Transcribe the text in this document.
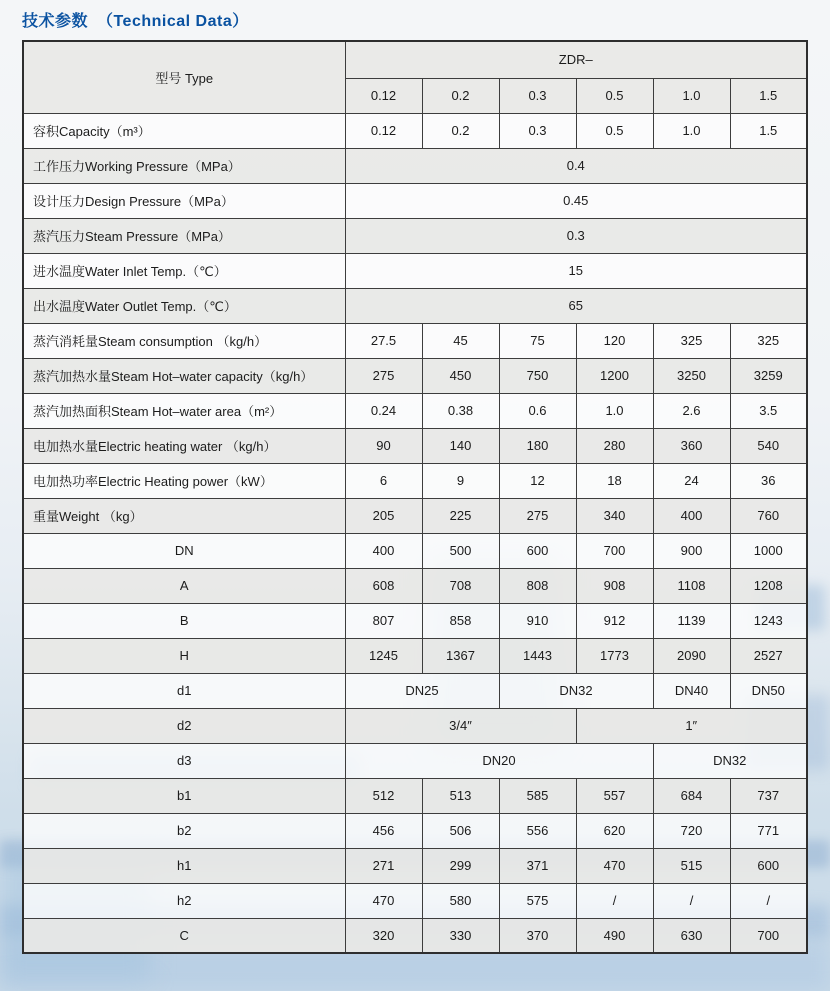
技术参数 （Technical Data）
型号 Type	ZDR–					
	0.12	0.2	0.3	0.5	1.0	1.5
容积Capacity（m³）	0.12	0.2	0.3	0.5	1.0	1.5
工作压力Working Pressure（MPa）	0.4					
设计压力Design Pressure（MPa）	0.45					
蒸汽压力Steam Pressure（MPa）	0.3					
进水温度Water Inlet Temp.（℃）	15					
出水温度Water Outlet Temp.（℃）	65					
蒸汽消耗量Steam consumption （kg/h）	27.5	45	75	120	325	325
蒸汽加热水量Steam Hot–water capacity（kg/h）	275	450	750	1200	3250	3259
蒸汽加热面积Steam Hot–water area（m²）	0.24	0.38	0.6	1.0	2.6	3.5
电加热水量Electric heating water （kg/h）	90	140	180	280	360	540
电加热功率Electric Heating power（kW）	6	9	12	18	24	36
重量Weight （kg）	205	225	275	340	400	760
DN	400	500	600	700	900	1000
A	608	708	808	908	1108	1208
B	807	858	910	912	1139	1243
H	1245	1367	1443	1773	2090	2527
d1	DN25		DN32		DN40	DN50
d2	3/4″			1″		
d3	DN20				DN32	
b1	512	513	585	557	684	737
b2	456	506	556	620	720	771
h1	271	299	371	470	515	600
h2	470	580	575	/	/	/
C	320	330	370	490	630	700
